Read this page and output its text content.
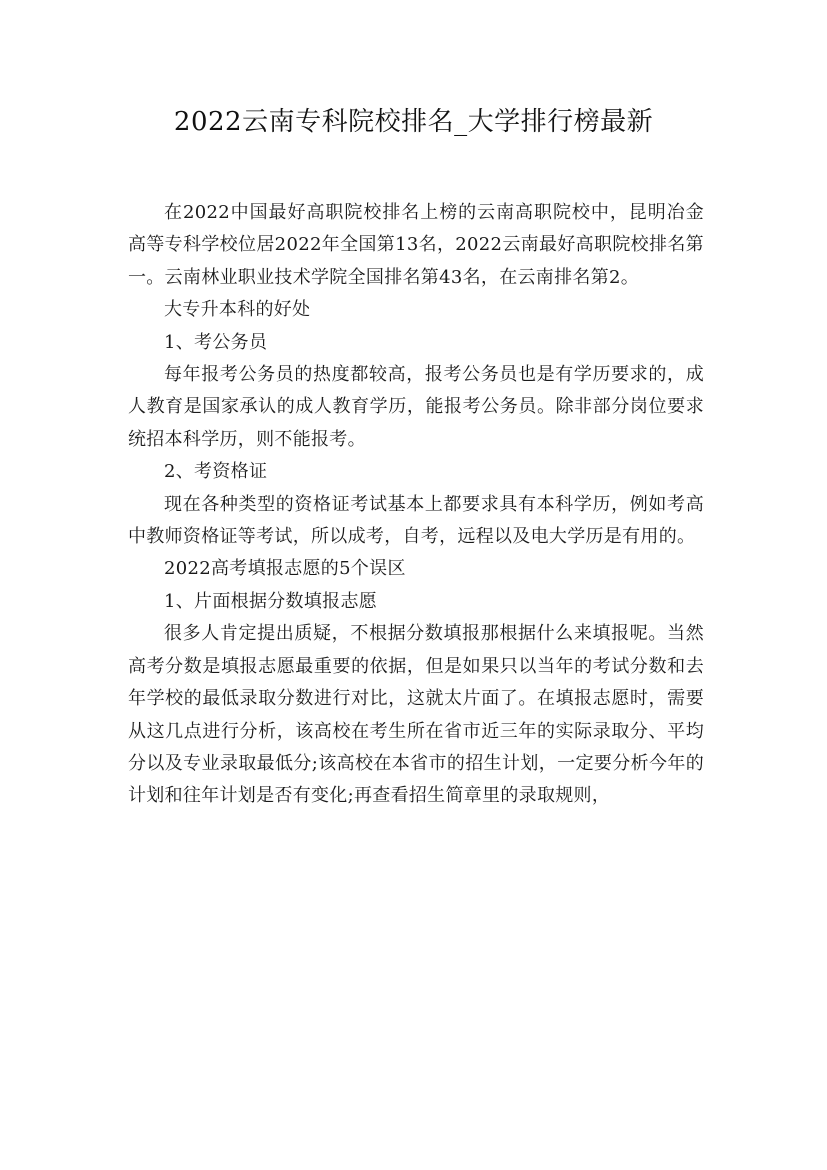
2022云南专科院校排名_大学排行榜最新

在2022中国最好高职院校排名上榜的云南高职院校中，昆明冶金高等专科学校位居2022年全国第13名，2022云南最好高职院校排名第一。云南林业职业技术学院全国排名第43名，在云南排名第2。

大专升本科的好处

1、考公务员

每年报考公务员的热度都较高，报考公务员也是有学历要求的，成人教育是国家承认的成人教育学历，能报考公务员。除非部分岗位要求统招本科学历，则不能报考。

2、考资格证

现在各种类型的资格证考试基本上都要求具有本科学历，例如考高中教师资格证等考试，所以成考，自考，远程以及电大学历是有用的。

2022高考填报志愿的5个误区

1、片面根据分数填报志愿

很多人肯定提出质疑，不根据分数填报那根据什么来填报呢。当然高考分数是填报志愿最重要的依据，但是如果只以当年的考试分数和去年学校的最低录取分数进行对比，这就太片面了。在填报志愿时，需要从这几点进行分析，该高校在考生所在省市近三年的实际录取分、平均分以及专业录取最低分;该高校在本省市的招生计划，一定要分析今年的计划和往年计划是否有变化;再查看招生简章里的录取规则，
